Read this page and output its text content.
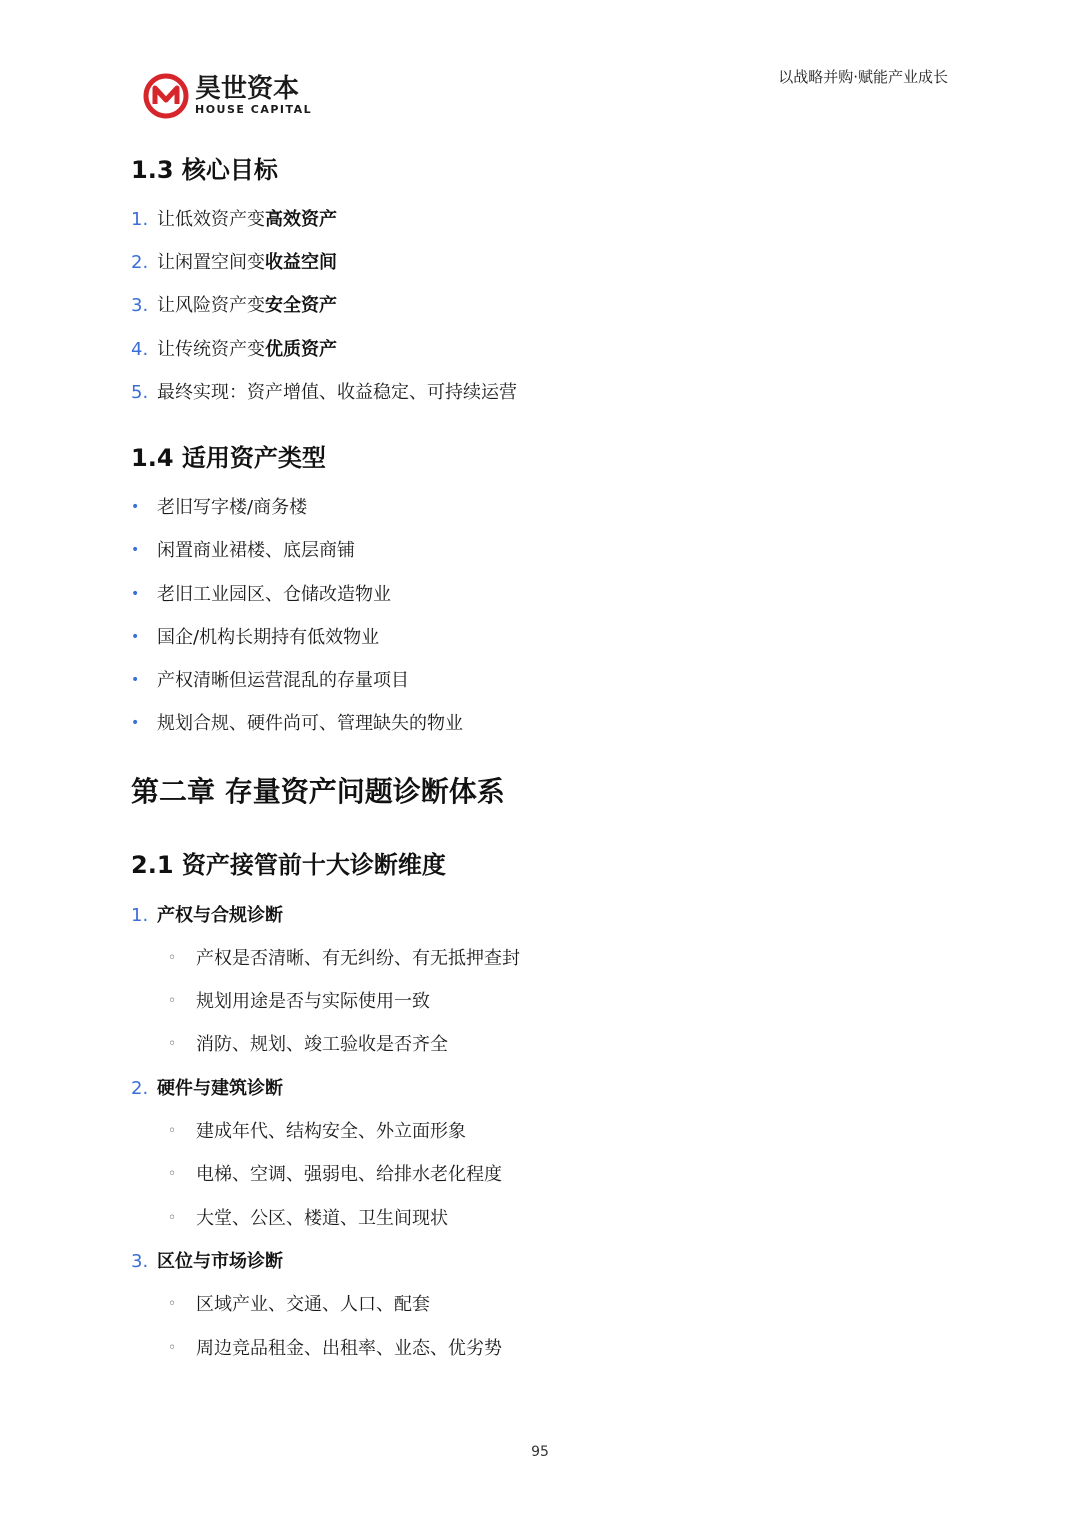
昊世资本
HOUSE CAPITAL
以战略并购·赋能产业成长
1.3 核心目标
1. 让低效资产变高效资产
2. 让闲置空间变收益空间
3. 让风险资产变安全资产
4. 让传统资产变优质资产
5. 最终实现：资产增值、收益稳定、可持续运营
1.4 适用资产类型
• 老旧写字楼/商务楼
• 闲置商业裙楼、底层商铺
• 老旧工业园区、仓储改造物业
• 国企/机构长期持有低效物业
• 产权清晰但运营混乱的存量项目
• 规划合规、硬件尚可、管理缺失的物业
第二章 存量资产问题诊断体系
2.1 资产接管前十大诊断维度
1. 产权与合规诊断
◦ 产权是否清晰、有无纠纷、有无抵押查封
◦ 规划用途是否与实际使用一致
◦ 消防、规划、竣工验收是否齐全
2. 硬件与建筑诊断
◦ 建成年代、结构安全、外立面形象
◦ 电梯、空调、强弱电、给排水老化程度
◦ 大堂、公区、楼道、卫生间现状
3. 区位与市场诊断
◦ 区域产业、交通、人口、配套
◦ 周边竞品租金、出租率、业态、优劣势
95
